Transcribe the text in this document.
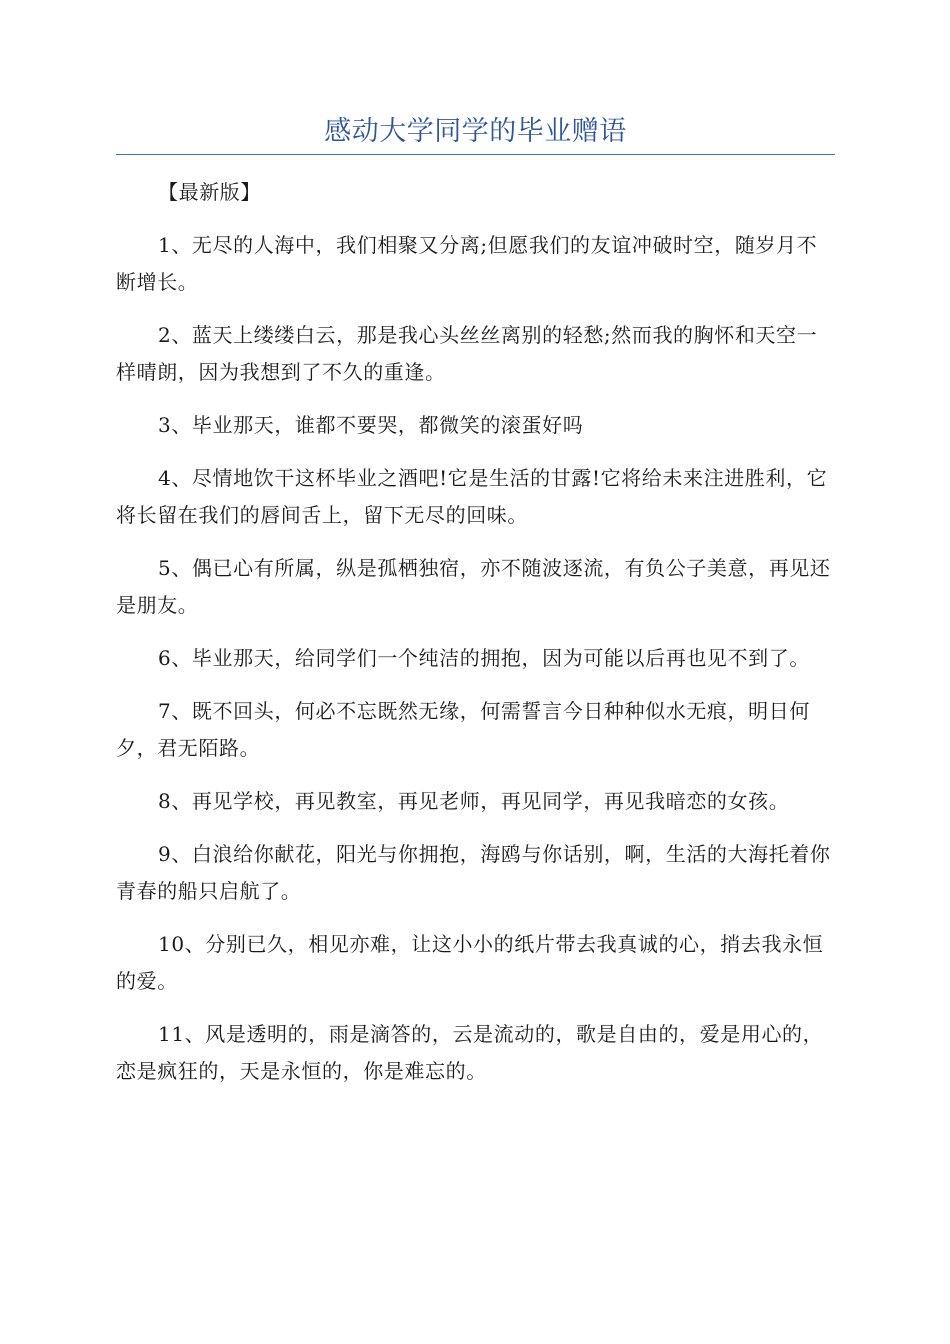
感动大学同学的毕业赠语

【最新版】

1、无尽的人海中，我们相聚又分离;但愿我们的友谊冲破时空，随岁月不断增长。

2、蓝天上缕缕白云，那是我心头丝丝离别的轻愁;然而我的胸怀和天空一样晴朗，因为我想到了不久的重逢。

3、毕业那天，谁都不要哭，都微笑的滚蛋好吗

4、尽情地饮干这杯毕业之酒吧!它是生活的甘露!它将给未来注进胜利，它将长留在我们的唇间舌上，留下无尽的回味。

5、偶已心有所属，纵是孤栖独宿，亦不随波逐流，有负公子美意，再见还是朋友。

6、毕业那天，给同学们一个纯洁的拥抱，因为可能以后再也见不到了。

7、既不回头，何必不忘既然无缘，何需誓言今日种种似水无痕，明日何夕，君无陌路。

8、再见学校，再见教室，再见老师，再见同学，再见我暗恋的女孩。

9、白浪给你献花，阳光与你拥抱，海鸥与你话别，啊，生活的大海托着你青春的船只启航了。

10、分别已久，相见亦难，让这小小的纸片带去我真诚的心，捎去我永恒的爱。

11、风是透明的，雨是滴答的，云是流动的，歌是自由的，爱是用心的，恋是疯狂的，天是永恒的，你是难忘的。
